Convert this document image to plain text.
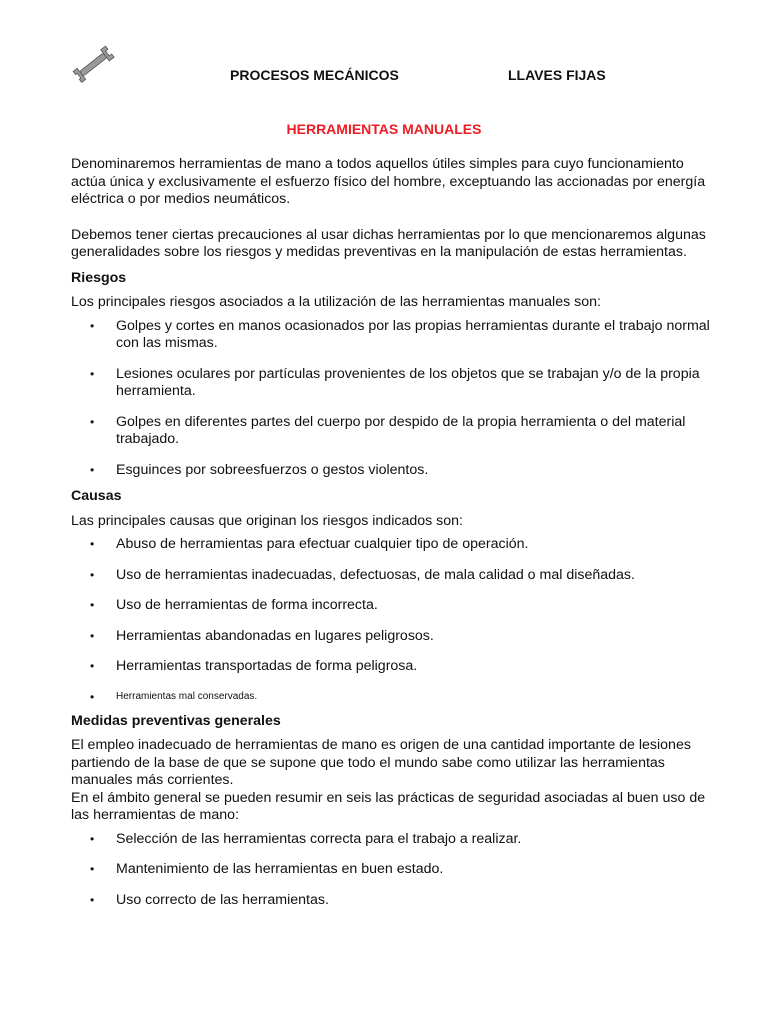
PROCESOS MECÁNICOS	LLAVES FIJAS
HERRAMIENTAS MANUALES

Denominaremos herramientas de mano a todos aquellos útiles simples para cuyo funcionamiento actúa única y exclusivamente el esfuerzo físico del hombre, exceptuando las accionadas por energía eléctrica o por medios neumáticos.

Debemos tener ciertas precauciones al usar dichas herramientas por lo que mencionaremos algunas generalidades sobre los riesgos y medidas preventivas en la manipulación de estas herramientas.

Riesgos

Los principales riesgos asociados a la utilización de las herramientas manuales son:

• Golpes y cortes en manos ocasionados por las propias herramientas durante el trabajo normal con las mismas.
• Lesiones oculares por partículas provenientes de los objetos que se trabajan y/o de la propia herramienta.
• Golpes en diferentes partes del cuerpo por despido de la propia herramienta o del material trabajado.
• Esguinces por sobreesfuerzos o gestos violentos.
Causas

Las principales causas que originan los riesgos indicados son:

• Abuso de herramientas para efectuar cualquier tipo de operación.
• Uso de herramientas inadecuadas, defectuosas, de mala calidad o mal diseñadas.
• Uso de herramientas de forma incorrecta.
• Herramientas abandonadas en lugares peligrosos.
• Herramientas transportadas de forma peligrosa.
• Herramientas mal conservadas.
Medidas preventivas generales

El empleo inadecuado de herramientas de mano es origen de una cantidad importante de lesiones partiendo de la base de que se supone que todo el mundo sabe como utilizar las herramientas manuales más corrientes.

En el ámbito general se pueden resumir en seis las prácticas de seguridad asociadas al buen uso de las herramientas de mano:

• Selección de las herramientas correcta para el trabajo a realizar.
• Mantenimiento de las herramientas en buen estado.
• Uso correcto de las herramientas.
